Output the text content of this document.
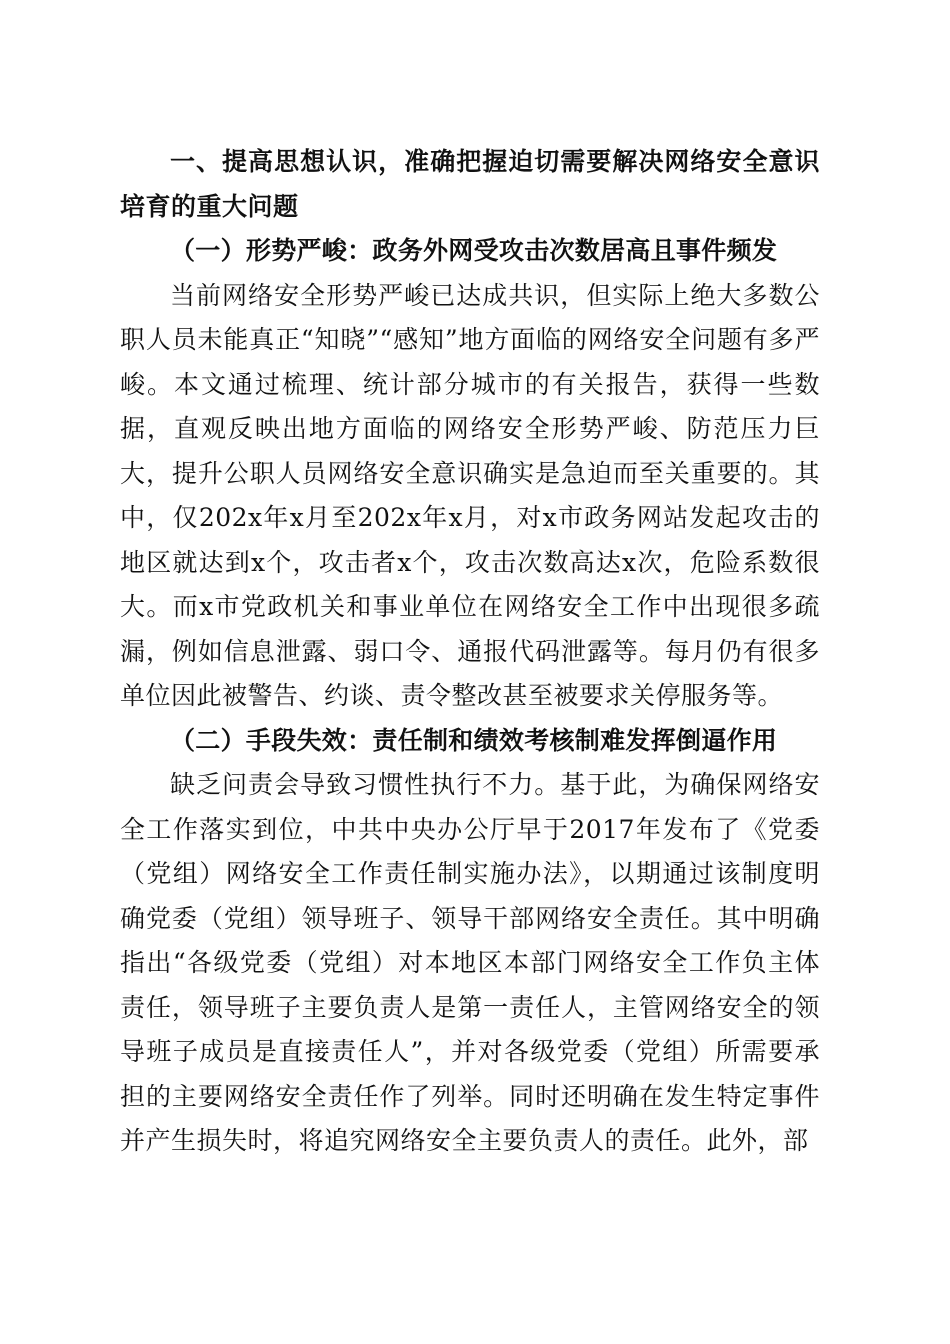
一、提高思想认识，准确把握迫切需要解决网络安全意识培育的重大问题

（一）形势严峻：政务外网受攻击次数居高且事件频发

当前网络安全形势严峻已达成共识，但实际上绝大多数公职人员未能真正“知晓”“感知”地方面临的网络安全问题有多严峻。本文通过梳理、统计部分城市的有关报告，获得一些数据，直观反映出地方面临的网络安全形势严峻、防范压力巨大，提升公职人员网络安全意识确实是急迫而至关重要的。其中，仅202x年x月至202x年x月，对x市政务网站发起攻击的地区就达到x个，攻击者x个，攻击次数高达x次，危险系数很大。而x市党政机关和事业单位在网络安全工作中出现很多疏漏，例如信息泄露、弱口令、通报代码泄露等。每月仍有很多单位因此被警告、约谈、责令整改甚至被要求关停服务等。

（二）手段失效：责任制和绩效考核制难发挥倒逼作用

缺乏问责会导致习惯性执行不力。基于此，为确保网络安全工作落实到位，中共中央办公厅早于2017年发布了《党委（党组）网络安全工作责任制实施办法》，以期通过该制度明确党委（党组）领导班子、领导干部网络安全责任。其中明确指出“各级党委（党组）对本地区本部门网络安全工作负主体责任，领导班子主要负责人是第一责任人，主管网络安全的领导班子成员是直接责任人”，并对各级党委（党组）所需要承担的主要网络安全责任作了列举。同时还明确在发生特定事件并产生损失时，将追究网络安全主要负责人的责任。此外，部
